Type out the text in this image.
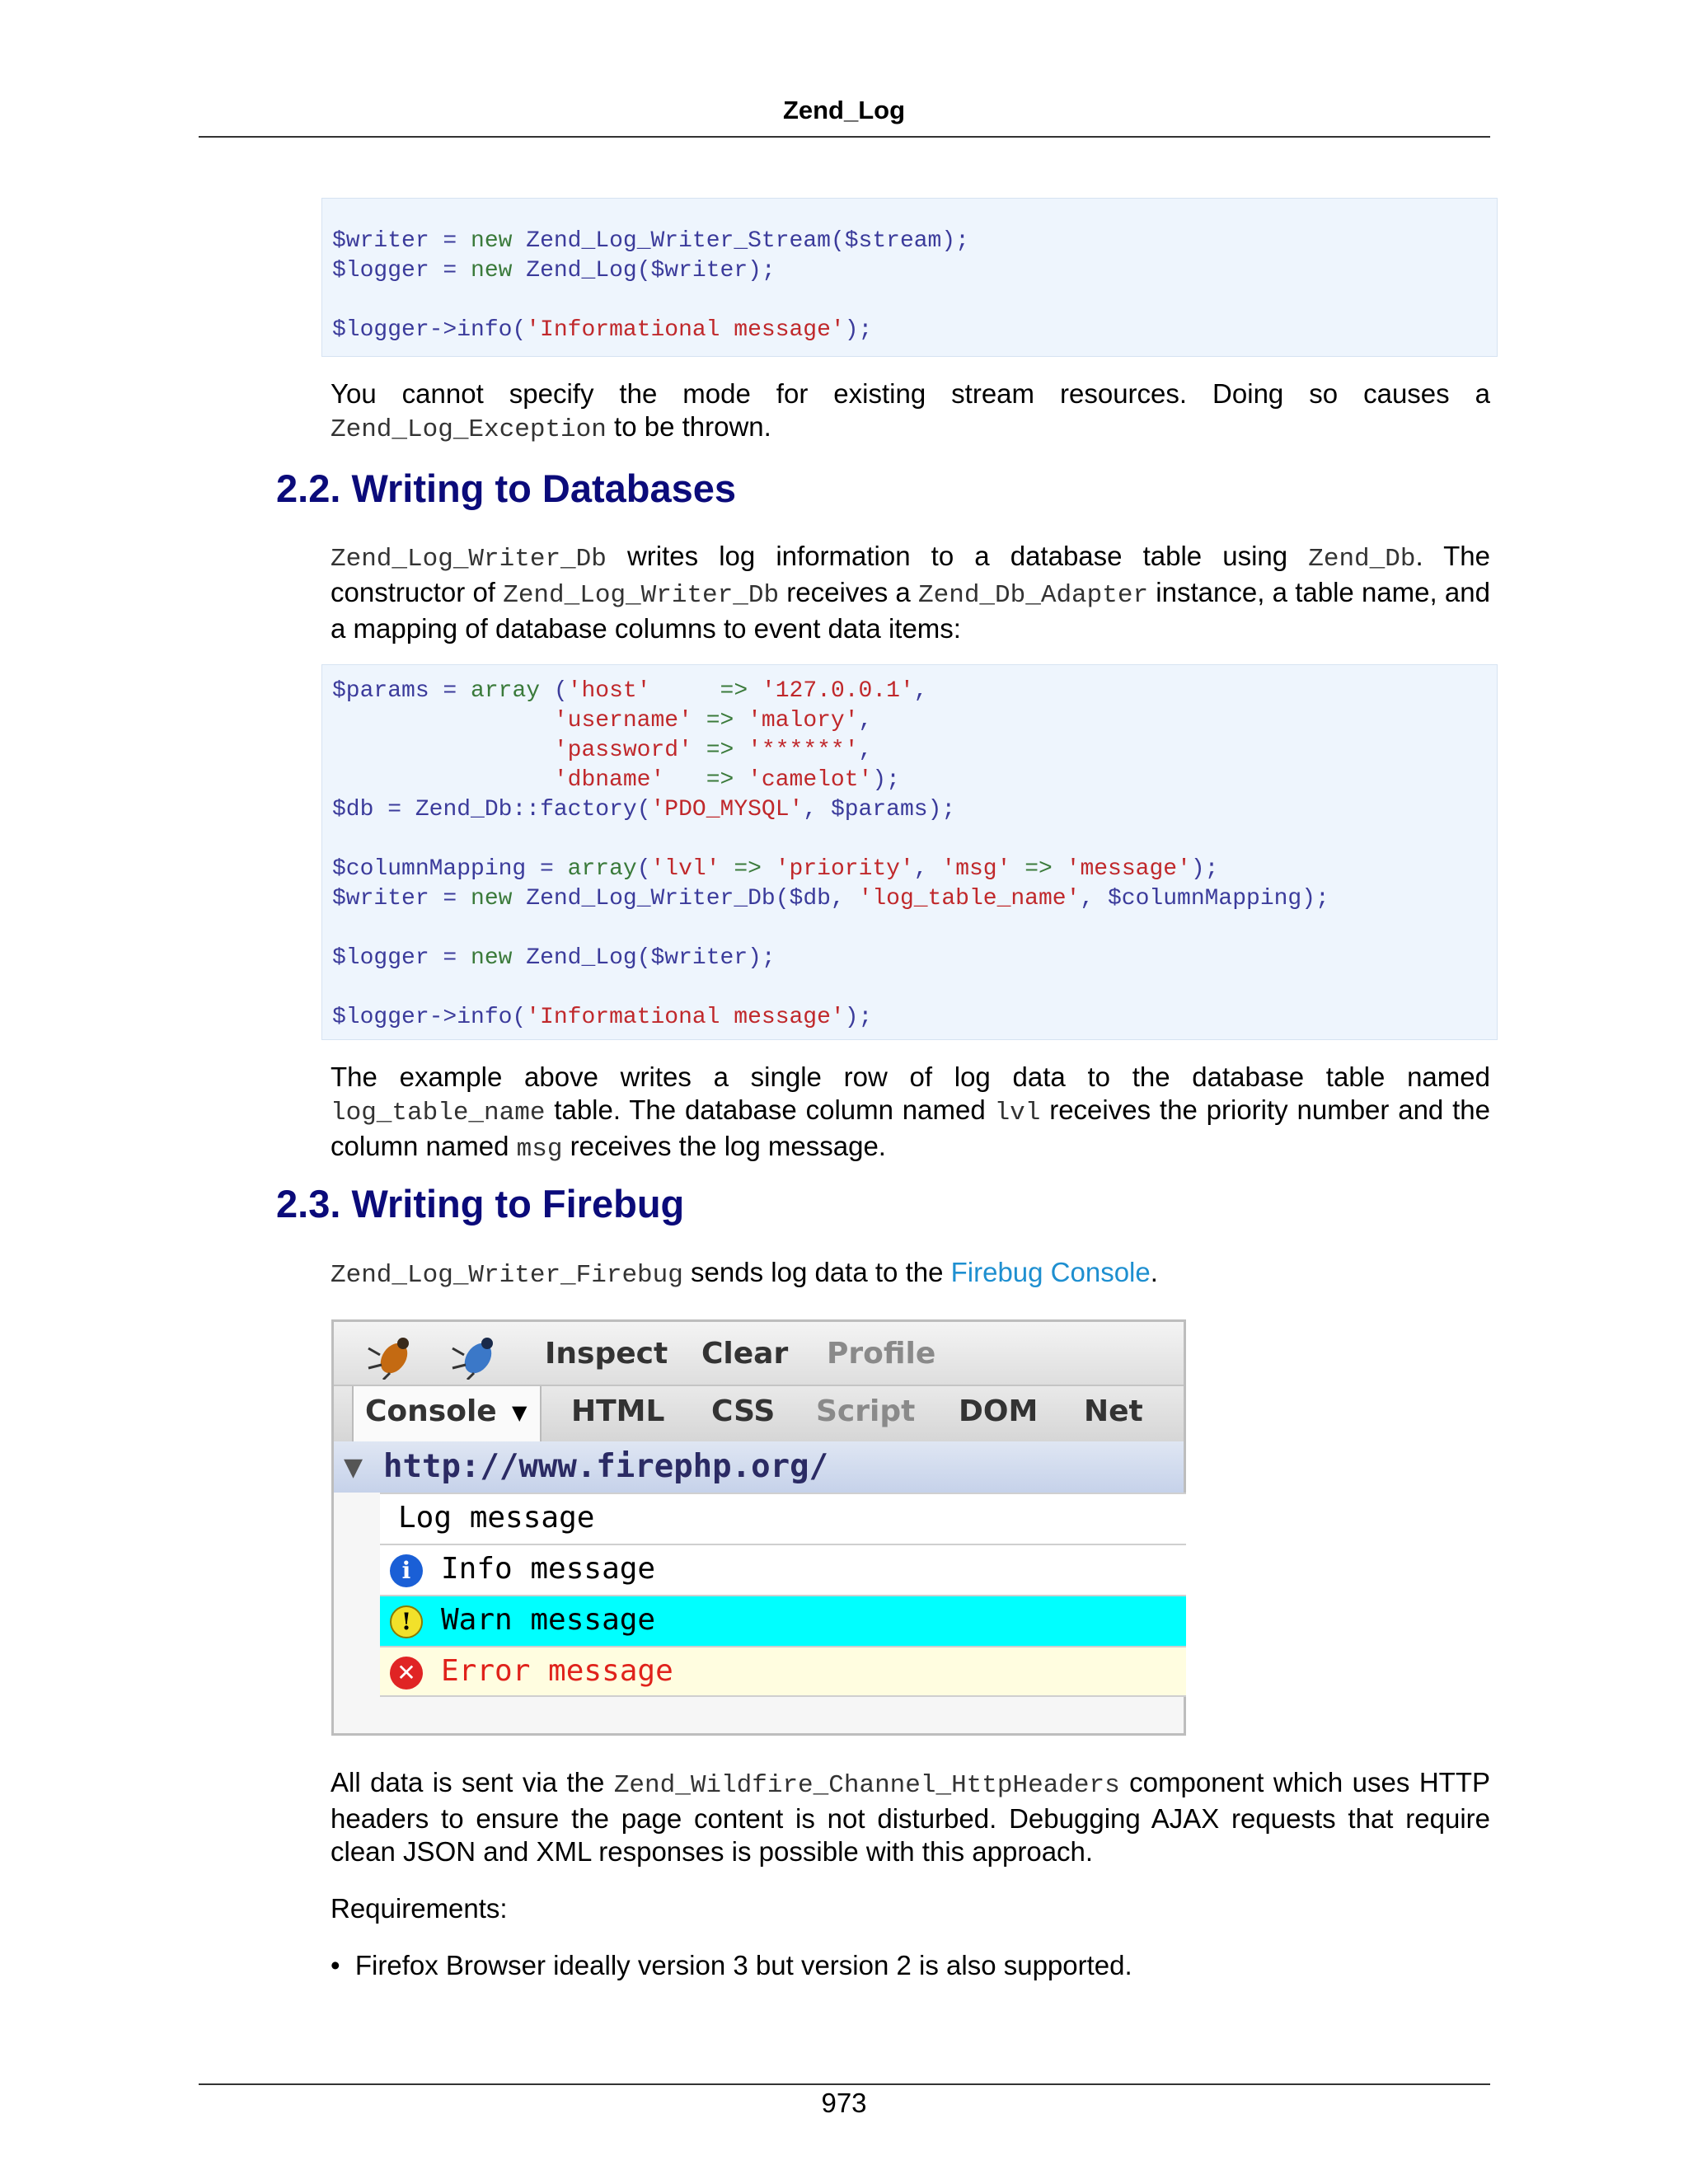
Zend_Log
$writer = new Zend_Log_Writer_Stream($stream);
$logger = new Zend_Log($writer);

$logger->info('Informational message');
You cannot specify the mode for existing stream resources. Doing so causes a Zend_Log_Exception to be thrown.
2.2. Writing to Databases
Zend_Log_Writer_Db writes log information to a database table using Zend_Db. The constructor of Zend_Log_Writer_Db receives a Zend_Db_Adapter instance, a table name, and a mapping of database columns to event data items:
$params = array ('host'	=> '127.0.0.1',
'username' => 'malory',
'password' => '******',
'dbname' => 'camelot');
$db = Zend_Db::factory('PDO_MYSQL', $params);

$columnMapping = array('lvl' => 'priority', 'msg' => 'message');
$writer = new Zend_Log_Writer_Db($db, 'log_table_name', $columnMapping);

$logger = new Zend_Log($writer);

$logger->info('Informational message');
The example above writes a single row of log data to the database table named log_table_name table. The database column named lvl receives the priority number and the column named msg receives the log message.
2.3. Writing to Firebug
Zend_Log_Writer_Firebug sends log data to the Firebug Console.
Inspect Clear Profile
Console ▼ HTML CSS Script DOM Net
▼ http://www.firephp.org/
Log message
i	Info message
! Warn message
✕ Error message
All data is sent via the Zend_Wildfire_Channel_HttpHeaders component which uses HTTP headers to ensure the page content is not disturbed. Debugging AJAX requests that require clean JSON and XML responses is possible with this approach.
Requirements:
•  Firefox Browser ideally version 3 but version 2 is also supported.
973
